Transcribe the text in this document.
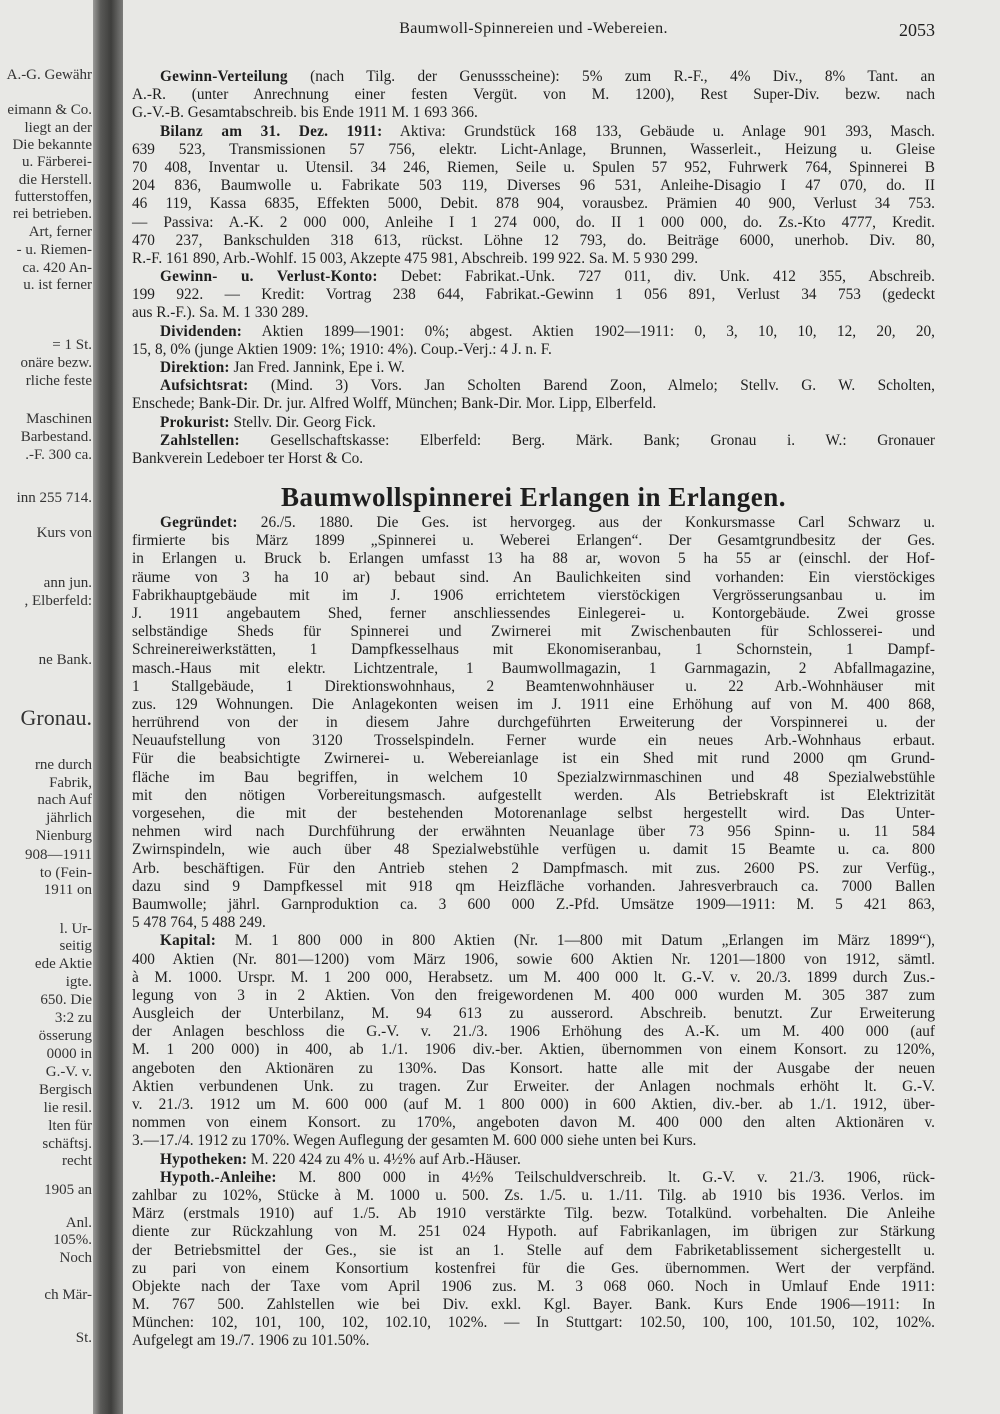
A.-G. Gewähr
eimann & Co.
liegt an der
Die bekannte
u. Färberei-
die Herstell.
futterstoffen,
rei betrieben.
Art, ferner
- u. Riemen-
ca. 420 An-
u. ist ferner
= 1 St.
onäre bezw.
rliche feste
Maschinen
Barbestand.
.-F. 300 ca.
inn 255 714.
Kurs von
ann jun.
, Elberfeld:
ne Bank.
Gronau.
rne durch
Fabrik,
nach Auf
jährlich
Nienburg
908—1911
to (Fein-
1911 on
l. Ur-
seitig
ede Aktie
igte.
650. Die
3:2 zu
össerung
0000 in
G.-V. v.
Bergisch
lie resil.
lten für
schäftsj.
recht
1905 an
Anl.
105%.
Noch
ch Mär-
St.
Baumwoll-Spinnereien und -Webereien.	2053
Gewinn-Verteilung (nach Tilg. der Genussscheine): 5% zum R.-F., 4% Div., 8% Tant. an
A.-R. (unter Anrechnung einer festen Vergüt. von M. 1200), Rest Super-Div. bezw. nach
G.-V.-B. Gesamtabschreib. bis Ende 1911 M. 1 693 366.
Bilanz am 31. Dez. 1911: Aktiva: Grundstück 168 133, Gebäude u. Anlage 901 393, Masch.
639 523, Transmissionen 57 756, elektr. Licht-Anlage, Brunnen, Wasserleit., Heizung u. Gleise
70 408, Inventar u. Utensil. 34 246, Riemen, Seile u. Spulen 57 952, Fuhrwerk 764, Spinnerei B
204 836, Baumwolle u. Fabrikate 503 119, Diverses 96 531, Anleihe-Disagio I 47 070, do. II
46 119, Kassa 6835, Effekten 5000, Debit. 878 904, vorausbez. Prämien 40 900, Verlust 34 753.
— Passiva: A.-K. 2 000 000, Anleihe I 1 274 000, do. II 1 000 000, do. Zs.-Kto 4777, Kredit.
470 237, Bankschulden 318 613, rückst. Löhne 12 793, do. Beiträge 6000, unerhob. Div. 80,
R.-F. 161 890, Arb.-Wohlf. 15 003, Akzepte 475 981, Abschreib. 199 922. Sa. M. 5 930 299.
Gewinn- u. Verlust-Konto: Debet: Fabrikat.-Unk. 727 011, div. Unk. 412 355, Abschreib.
199 922. — Kredit: Vortrag 238 644, Fabrikat.-Gewinn 1 056 891, Verlust 34 753 (gedeckt
aus R.-F.). Sa. M. 1 330 289.
Dividenden: Aktien 1899—1901: 0%; abgest. Aktien 1902—1911: 0, 3, 10, 10, 12, 20, 20,
15, 8, 0% (junge Aktien 1909: 1%; 1910: 4%). Coup.-Verj.: 4 J. n. F.
Direktion: Jan Fred. Jannink, Epe i. W.
Aufsichtsrat: (Mind. 3) Vors. Jan Scholten Barend Zoon, Almelo; Stellv. G. W. Scholten,
Enschede; Bank-Dir. Dr. jur. Alfred Wolff, München; Bank-Dir. Mor. Lipp, Elberfeld.
Prokurist: Stellv. Dir. Georg Fick.
Zahlstellen: Gesellschaftskasse: Elberfeld: Berg. Märk. Bank; Gronau i. W.: Gronauer
Bankverein Ledeboer ter Horst & Co.
Baumwollspinnerei Erlangen in Erlangen.
Gegründet: 26./5. 1880. Die Ges. ist hervorgeg. aus der Konkursmasse Carl Schwarz u.
firmierte bis März 1899 „Spinnerei u. Weberei Erlangen“. Der Gesamtgrundbesitz der Ges.
in Erlangen u. Bruck b. Erlangen umfasst 13 ha 88 ar, wovon 5 ha 55 ar (einschl. der Hof-
räume von 3 ha 10 ar) bebaut sind. An Baulichkeiten sind vorhanden: Ein vierstöckiges
Fabrikhauptgebäude mit im J. 1906 errichtetem vierstöckigen Vergrösserungsanbau u. im
J. 1911 angebautem Shed, ferner anschliessendes Einlegerei- u. Kontorgebäude. Zwei grosse
selbständige Sheds für Spinnerei und Zwirnerei mit Zwischenbauten für Schlosserei- und
Schreinereiwerkstätten, 1 Dampfkesselhaus mit Ekonomiseranbau, 1 Schornstein, 1 Dampf-
masch.-Haus mit elektr. Lichtzentrale, 1 Baumwollmagazin, 1 Garnmagazin, 2 Abfallmagazine,
1 Stallgebäude, 1 Direktionswohnhaus, 2 Beamtenwohnhäuser u. 22 Arb.-Wohnhäuser mit
zus. 129 Wohnungen. Die Anlagekonten weisen im J. 1911 eine Erhöhung auf von M. 400 868,
herrührend von der in diesem Jahre durchgeführten Erweiterung der Vorspinnerei u. der
Neuaufstellung von 3120 Trosselspindeln. Ferner wurde ein neues Arb.-Wohnhaus erbaut.
Für die beabsichtigte Zwirnerei- u. Webereianlage ist ein Shed mit rund 2000 qm Grund-
fläche im Bau begriffen, in welchem 10 Spezialzwirnmaschinen und 48 Spezialwebstühle
mit den nötigen Vorbereitungsmasch. aufgestellt werden. Als Betriebskraft ist Elektrizität
vorgesehen, die mit der bestehenden Motorenanlage selbst hergestellt wird. Das Unter-
nehmen wird nach Durchführung der erwähnten Neuanlage über 73 956 Spinn- u. 11 584
Zwirnspindeln, wie auch über 48 Spezialwebstühle verfügen u. damit 15 Beamte u. ca. 800
Arb. beschäftigen. Für den Antrieb stehen 2 Dampfmasch. mit zus. 2600 PS. zur Verfüg.,
dazu sind 9 Dampfkessel mit 918 qm Heizfläche vorhanden. Jahresverbrauch ca. 7000 Ballen
Baumwolle; jährl. Garnproduktion ca. 3 600 000 Z.-Pfd. Umsätze 1909—1911: M. 5 421 863,
5 478 764, 5 488 249.
Kapital: M. 1 800 000 in 800 Aktien (Nr. 1—800 mit Datum „Erlangen im März 1899“),
400 Aktien (Nr. 801—1200) vom März 1906, sowie 600 Aktien Nr. 1201—1800 von 1912, sämtl.
à M. 1000. Urspr. M. 1 200 000, Herabsetz. um M. 400 000 lt. G.-V. v. 20./3. 1899 durch Zus.-
legung von 3 in 2 Aktien. Von den freigewordenen M. 400 000 wurden M. 305 387 zum
Ausgleich der Unterbilanz, M. 94 613 zu ausserord. Abschreib. benutzt. Zur Erweiterung
der Anlagen beschloss die G.-V. v. 21./3. 1906 Erhöhung des A.-K. um M. 400 000 (auf
M. 1 200 000) in 400, ab 1./1. 1906 div.-ber. Aktien, übernommen von einem Konsort. zu 120%,
angeboten den Aktionären zu 130%. Das Konsort. hatte alle mit der Ausgabe der neuen
Aktien verbundenen Unk. zu tragen. Zur Erweiter. der Anlagen nochmals erhöht lt. G.-V.
v. 21./3. 1912 um M. 600 000 (auf M. 1 800 000) in 600 Aktien, div.-ber. ab 1./1. 1912, über-
nommen von einem Konsort. zu 170%, angeboten davon M. 400 000 den alten Aktionären v.
3.—17./4. 1912 zu 170%. Wegen Auflegung der gesamten M. 600 000 siehe unten bei Kurs.
Hypotheken: M. 220 424 zu 4% u. 4½% auf Arb.-Häuser.
Hypoth.-Anleihe: M. 800 000 in 4½% Teilschuldverschreib. lt. G.-V. v. 21./3. 1906, rück-
zahlbar zu 102%, Stücke à M. 1000 u. 500. Zs. 1./5. u. 1./11. Tilg. ab 1910 bis 1936. Verlos. im
März (erstmals 1910) auf 1./5. Ab 1910 verstärkte Tilg. bezw. Totalkünd. vorbehalten. Die Anleihe
diente zur Rückzahlung von M. 251 024 Hypoth. auf Fabrikanlagen, im übrigen zur Stärkung
der Betriebsmittel der Ges., sie ist an 1. Stelle auf dem Fabriketablissement sichergestellt u.
zu pari von einem Konsortium kostenfrei für die Ges. übernommen. Wert der verpfänd.
Objekte nach der Taxe vom April 1906 zus. M. 3 068 060. Noch in Umlauf Ende 1911:
M. 767 500. Zahlstellen wie bei Div. exkl. Kgl. Bayer. Bank. Kurs Ende 1906—1911: In
München: 102, 101, 100, 102, 102.10, 102%. — In Stuttgart: 102.50, 100, 100, 101.50, 102, 102%.
Aufgelegt am 19./7. 1906 zu 101.50%.
